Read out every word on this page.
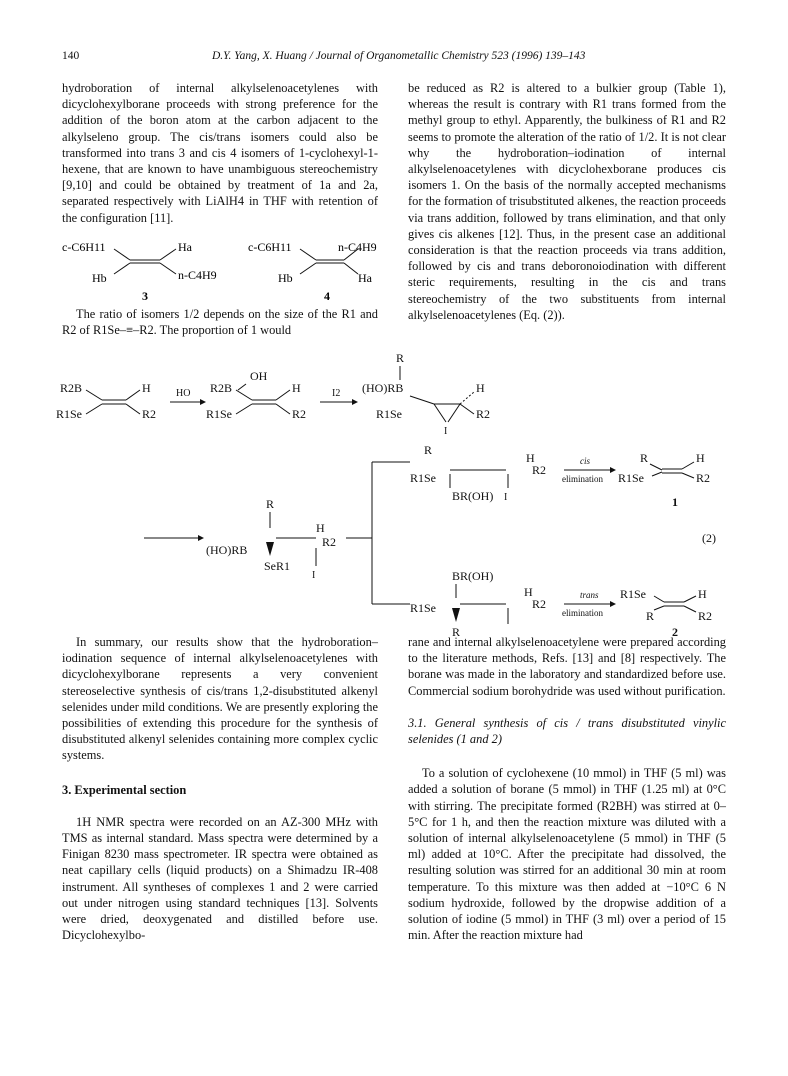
140	D.Y. Yang, X. Huang / Journal of Organometallic Chemistry 523 (1996) 139–143

hydroboration of internal alkylselenoacetylenes with dicyclohexylborane proceeds with strong preference for the addition of the boron atom at the carbon adjacent to the alkylseleno group. The cis/trans isomers could also be transformed into trans 3 and cis 4 isomers of 1-cyclohexyl-1-hexene, that are known to have unambiguous stereochemistry [9,10] and could be obtained by treatment of 1a and 2a, separated respectively with LiAlH4 in THF with retention of the configuration [11].

c-C6H11	Ha
Hb	n-C4H9
3
c-C6H11	n-C4H9
Hb	Ha
4

The ratio of isomers 1/2 depends on the size of the R1 and R2 of R1Se–≡–R2. The proportion of 1 would

be reduced as R2 is altered to a bulkier group (Table 1), whereas the result is contrary with R1 trans formed from the methyl group to ethyl. Apparently, the bulkiness of R1 and R2 seems to promote the alteration of the ratio of 1/2. It is not clear why the hydroboration–iodination of internal alkylselenoacetylenes with dicyclohexborane produces cis isomers 1. On the basis of the normally accepted mechanisms for the formation of trisubstituted alkenes, the reaction proceeds via trans addition, followed by trans elimination, and that only gives cis alkenes [12]. Thus, in the present case an additional consideration is that the reaction proceeds via trans addition, followed by cis and trans deboronoiodination with different steric requirements, resulting in the cis and trans stereochemistry of the two substituents from internal alkylselenoacetylenes (Eq. (2)).

R2B
R1Se
H
R2
HO
OH
R2B
R1Se
H
R2
I2
R
(HO)RB
R1Se
H
R2
I
R
(HO)RB
H
R2
SeR1
I
R
R1Se
H
R2
BR(OH) I
cis
elimination
R
R1Se
H
R2
1
(2)
BR(OH)
R1Se
H
R2
R
trans
elimination
R1Se	H
R	R2
2

In summary, our results show that the hydroboration–iodination sequence of internal alkylselenoacetylenes with dicyclohexylborane represents a very convenient stereoselective synthesis of cis/trans 1,2-disubstituted alkenyl selenides under mild conditions. We are presently exploring the possibilities of extending this procedure for the synthesis of disubstituted alkenyl selenides containing more complex cyclic systems.

3. Experimental section

1H NMR spectra were recorded on an AZ-300 MHz with TMS as internal standard. Mass spectra were determined by a Finigan 8230 mass spectrometer. IR spectra were obtained as neat capillary cells (liquid products) on a Shimadzu IR-408 instrument. All syntheses of complexes 1 and 2 were carried out under nitrogen using standard techniques [13]. Solvents were dried, deoxygenated and distilled before use. Dicyclohexylbo-

rane and internal alkylselenoacetylene were prepared according to the literature methods, Refs. [13] and [8] respectively. The borane was made in the laboratory and standardized before use. Commercial sodium borohydride was used without purification.

3.1. General synthesis of cis / trans disubstituted vinylic selenides (1 and 2)

To a solution of cyclohexene (10 mmol) in THF (5 ml) was added a solution of borane (5 mmol) in THF (1.25 ml) at 0°C with stirring. The precipitate formed (R2BH) was stirred at 0–5°C for 1 h, and then the reaction mixture was diluted with a solution of internal alkylselenoacetylene (5 mmol) in THF (5 ml) added at 10°C. After the precipitate had dissolved, the resulting solution was stirred for an additional 30 min at room temperature. To this mixture was then added at −10°C 6 N sodium hydroxide, followed by the dropwise addition of a solution of iodine (5 mmol) in THF (3 ml) over a period of 15 min. After the reaction mixture had
